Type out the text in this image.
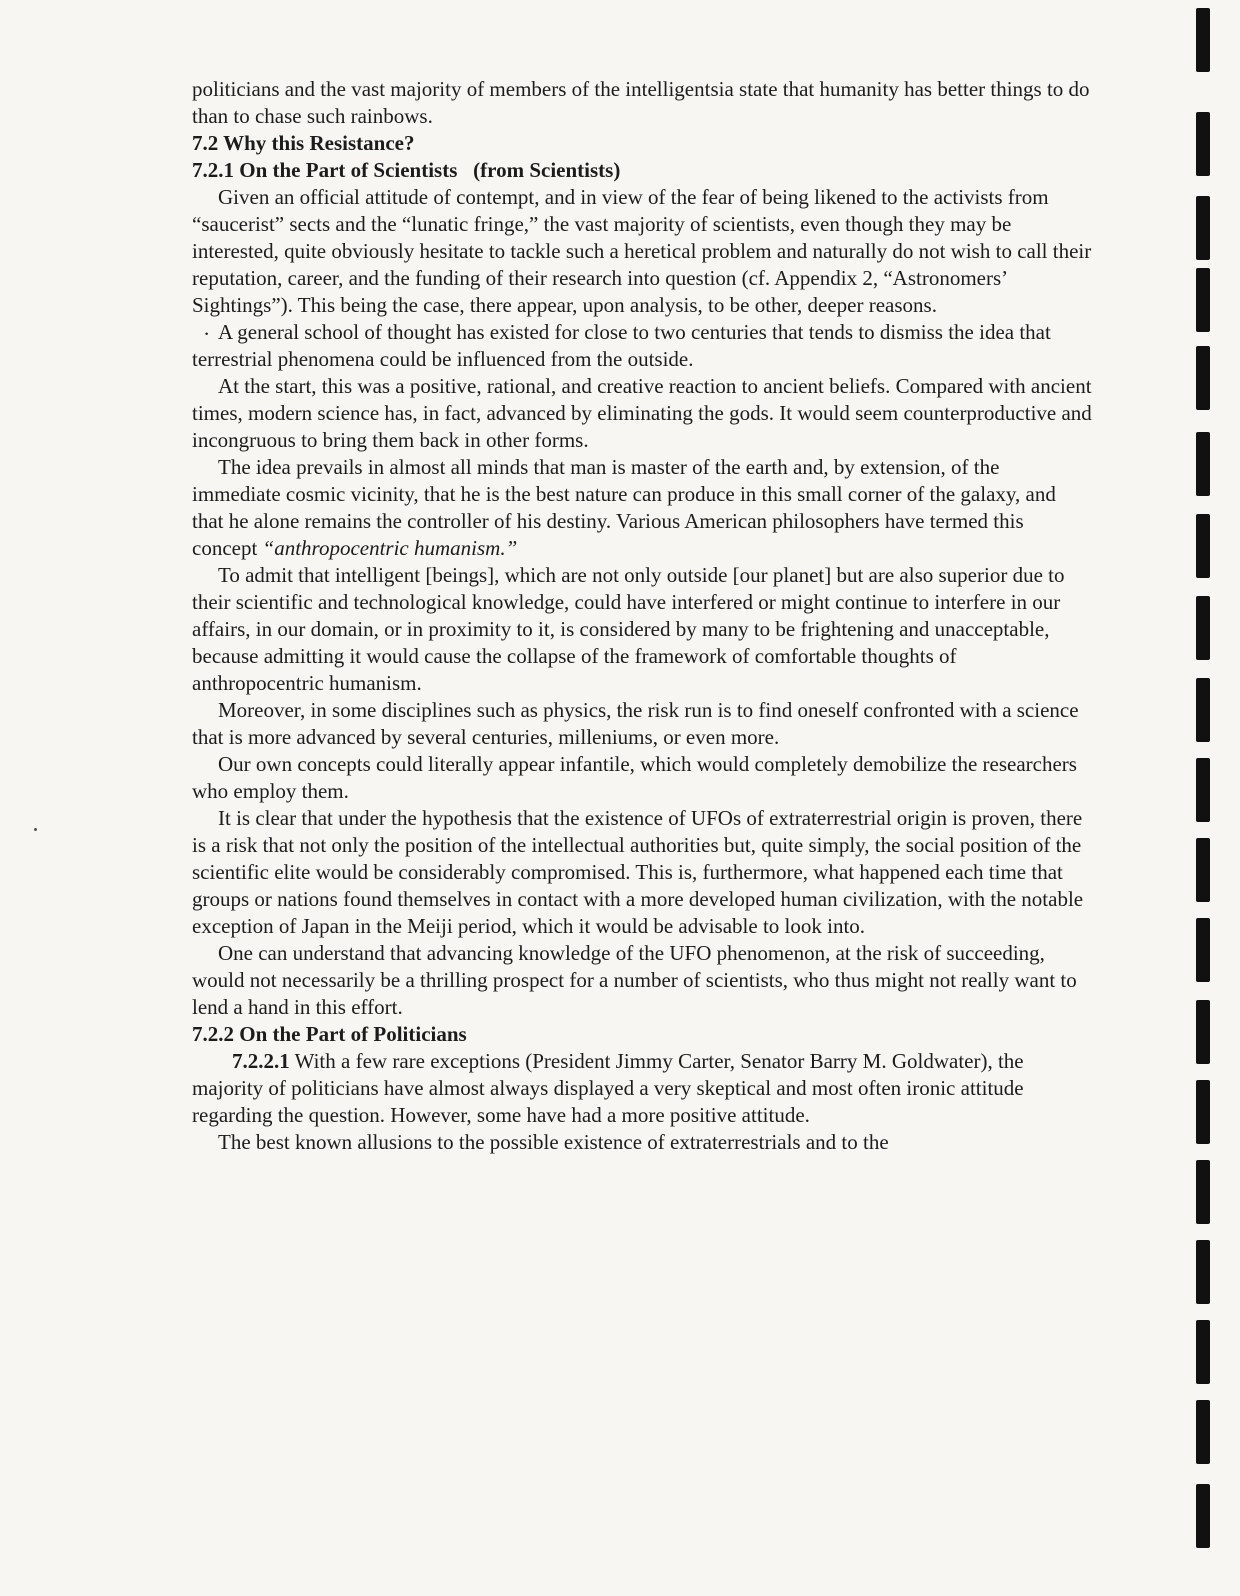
politicians and the vast majority of members of the intelligentsia state that humanity has better things to do than to chase such rainbows.

7.2 Why this Resistance?

7.2.1 On the Part of Scientists   (from Scientists)

Given an official attitude of contempt, and in view of the fear of being likened to the activists from “saucerist” sects and the “lunatic fringe,” the vast majority of scientists, even though they may be interested, quite obviously hesitate to tackle such a heretical problem and naturally do not wish to call their reputation, career, and the funding of their research into question (cf. Appendix 2, “Astronomers’ Sightings”). This being the case, there appear, upon analysis, to be other, deeper reasons.

. A general school of thought has existed for close to two centuries that tends to dismiss the idea that terrestrial phenomena could be influenced from the outside.

At the start, this was a positive, rational, and creative reaction to ancient beliefs. Compared with ancient times, modern science has, in fact, advanced by eliminating the gods. It would seem counterproductive and incongruous to bring them back in other forms.

The idea prevails in almost all minds that man is master of the earth and, by extension, of the immediate cosmic vicinity, that he is the best nature can produce in this small corner of the galaxy, and that he alone remains the controller of his destiny. Various American philosophers have termed this concept “anthropocentric humanism.”

To admit that intelligent [beings], which are not only outside [our planet] but are also superior due to their scientific and technological knowledge, could have interfered or might continue to interfere in our affairs, in our domain, or in proximity to it, is considered by many to be frightening and unacceptable, because admitting it would cause the collapse of the framework of comfortable thoughts of anthropocentric humanism.

Moreover, in some disciplines such as physics, the risk run is to find oneself confronted with a science that is more advanced by several centuries, milleniums, or even more.

Our own concepts could literally appear infantile, which would completely demobilize the researchers who employ them.

It is clear that under the hypothesis that the existence of UFOs of extraterrestrial origin is proven, there is a risk that not only the position of the intellectual authorities but, quite simply, the social position of the scientific elite would be considerably compromised. This is, furthermore, what happened each time that groups or nations found themselves in contact with a more developed human civilization, with the notable exception of Japan in the Meiji period, which it would be advisable to look into.

One can understand that advancing knowledge of the UFO phenomenon, at the risk of succeeding, would not necessarily be a thrilling prospect for a number of scientists, who thus might not really want to lend a hand in this effort.

7.2.2 On the Part of Politicians

7.2.2.1 With a few rare exceptions (President Jimmy Carter, Senator Barry M. Goldwater), the majority of politicians have almost always displayed a very skeptical and most often ironic attitude regarding the question. However, some have had a more positive attitude.

The best known allusions to the possible existence of extraterrestrials and to the
